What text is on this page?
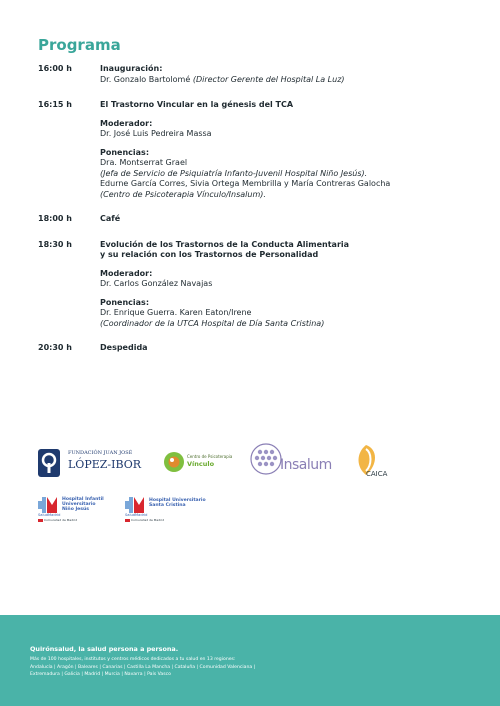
Programa
16:00 h	Inauguración:
Dr. Gonzalo Bartolomé (Director Gerente del Hospital La Luz)
16:15 h	El Trastorno Vincular en la génesis del TCA
Moderador:
Dr. José Luis Pedreira Massa
Ponencias:
Dra. Montserrat Grael
(Jefa de Servicio de Psiquiatría Infanto-Juvenil Hospital Niño Jesús).
Edurne García Corres, Sivia Ortega Membrilla y María Contreras Galocha
(Centro de Psicoterapia Vínculo/Insalum).
18:00 h	Café
18:30 h	Evolución de los Trastornos de la Conducta Alimentaria
y su relación con los Trastornos de Personalidad
Moderador:
Dr. Carlos González Navajas
Ponencias:
Dr. Enrique Guerra. Karen Eaton/Irene
(Coordinador de la UTCA Hospital de Día Santa Cristina)
20:30 h	Despedida
FUNDACIÓN JUAN JOSÉ
LÓPEZ-IBOR
Centro de Psicoterapia
Vínculo	Insalum
CAICA
Hospital Infantil
Universitario
Niño Jesús
SaludMadrid
Comunidad de Madrid
Hospital Universitario
Santa Cristina
SaludMadrid
Comunidad de Madrid
Quirónsalud, la salud persona a persona.
Más de 100 hospitales, institutos y centros médicos dedicados a tu salud en 13 regiones:
Andalucía | Aragón | Baleares | Canarias | Castilla La Mancha | Cataluña | Comunidad Valenciana |
Extremadura | Galicia | Madrid | Murcia | Navarra | País Vasco
